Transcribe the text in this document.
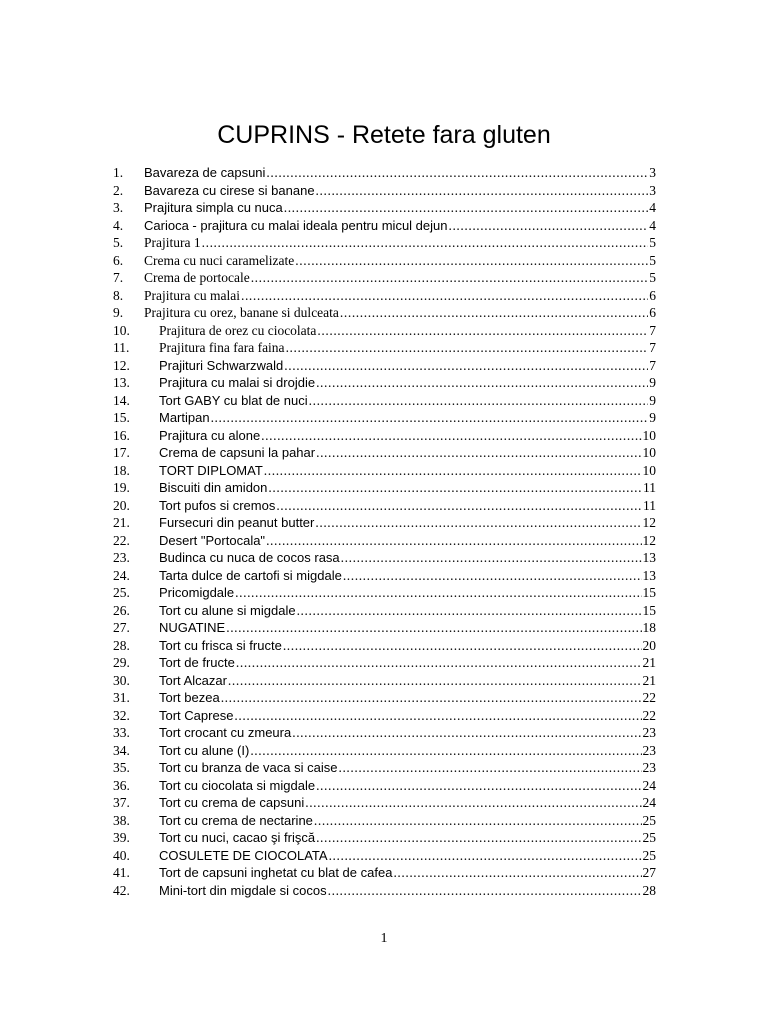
CUPRINS - Retete fara gluten
1. Bavareza de capsuni .....	3
2. Bavareza cu cirese si banane .....	3
3. Prajitura simpla cu nuca .....	4
4. Carioca - prajitura cu malai ideala pentru micul dejun .....	4
5. Prajitura 1 .....	5
6. Crema cu nuci caramelizate .....	5
7. Crema de portocale .....	5
8. Prajitura cu malai .....	6
9. Prajitura cu orez, banane si dulceata .....	6
10. Prajitura de orez cu ciocolata .....	7
11. Prajitura fina fara faina .....	7
12. Prajituri Schwarzwald .....	7
13. Prajitura cu malai si drojdie .....	9
14. Tort GABY cu blat de nuci .....	9
15. Martipan .....	9
16. Prajitura cu alone .....	10
17. Crema de capsuni la pahar .....	10
18. TORT DIPLOMAT .....	10
19. Biscuiti din amidon .....	11
20. Tort pufos si cremos .....	11
21. Fursecuri din peanut butter .....	12
22. Desert "Portocala" .....	12
23. Budinca cu nuca de cocos rasa .....	13
24. Tarta dulce de cartofi si migdale .....	13
25. Pricomigdale .....	15
26. Tort cu alune si migdale .....	15
27. NUGATINE .....	18
28. Tort cu frisca si fructe .....	20
29. Tort de fructe .....	21
30. Tort Alcazar .....	21
31. Tort bezea .....	22
32. Tort Caprese .....	22
33. Tort crocant cu zmeura .....	23
34. Tort cu alune (I) .....	23
35. Tort cu branza de vaca si caise .....	23
36. Tort cu ciocolata si migdale .....	24
37. Tort cu crema de capsuni .....	24
38. Tort cu crema de nectarine .....	25
39. Tort cu nuci, cacao şi frişcă .....	25
40. COSULETE DE CIOCOLATA .....	25
41. Tort de capsuni inghetat cu blat de cafea .....	27
42. Mini-tort din migdale si cocos .....	28
1
